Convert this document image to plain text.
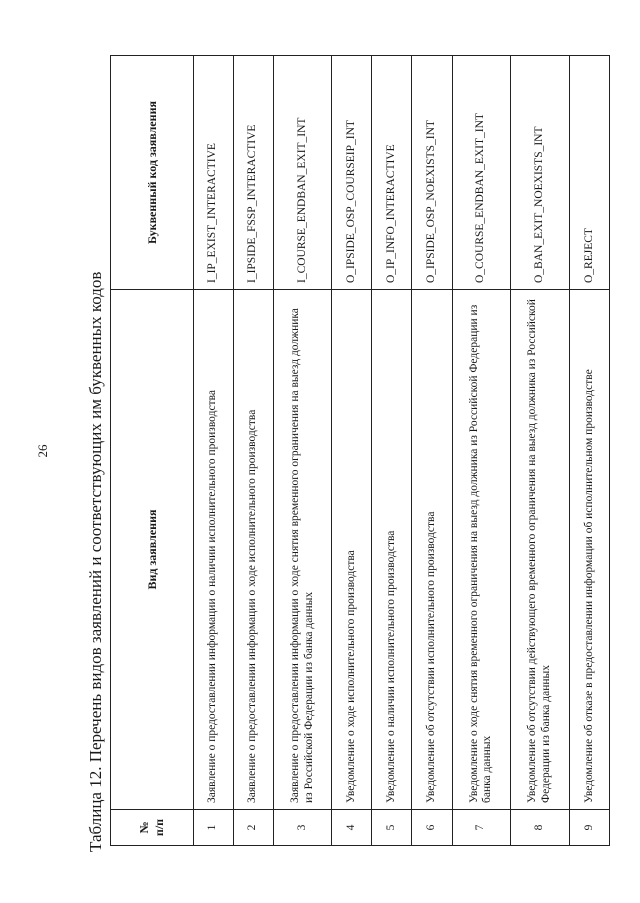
26 Таблица 12. Перечень видов заявлений и соответствующих им буквенных кодов	№ п/п	Вид заявления	Буквенный код заявления
1	Заявление о предоставлении информации о наличии исполнительного производства	I_IP_EXIST_INTERACTIVE
2	Заявление о предоставлении информации о ходе исполнительного производства	I_IPSIDE_FSSP_INTERACTIVE
3	Заявление о предоставлении информации о ходе снятия временного ограничения на выезд должника из Российской Федерации из банка данных	I_COURSE_ENDBAN_EXIT_INT
4	Уведомление о ходе исполнительного производства	O_IPSIDE_OSP_COURSEIP_INT
5	Уведомление о наличии исполнительного производства	O_IP_INFO_INTERACTIVE
6	Уведомление об отсутствии исполнительного производства	O_IPSIDE_OSP_NOEXISTS_INT
7	Уведомление о ходе снятия временного ограничения на выезд должника из Российской Федерации из банка данных	O_COURSE_ENDBAN_EXIT_INT
8	Уведомление об отсутствии действующего временного ограничения на выезд должника из Российской Федерации из банка данных	O_BAN_EXIT_NOEXISTS_INT
9	Уведомление об отказе в предоставлении информации об исполнительном производстве	O_REJECT
